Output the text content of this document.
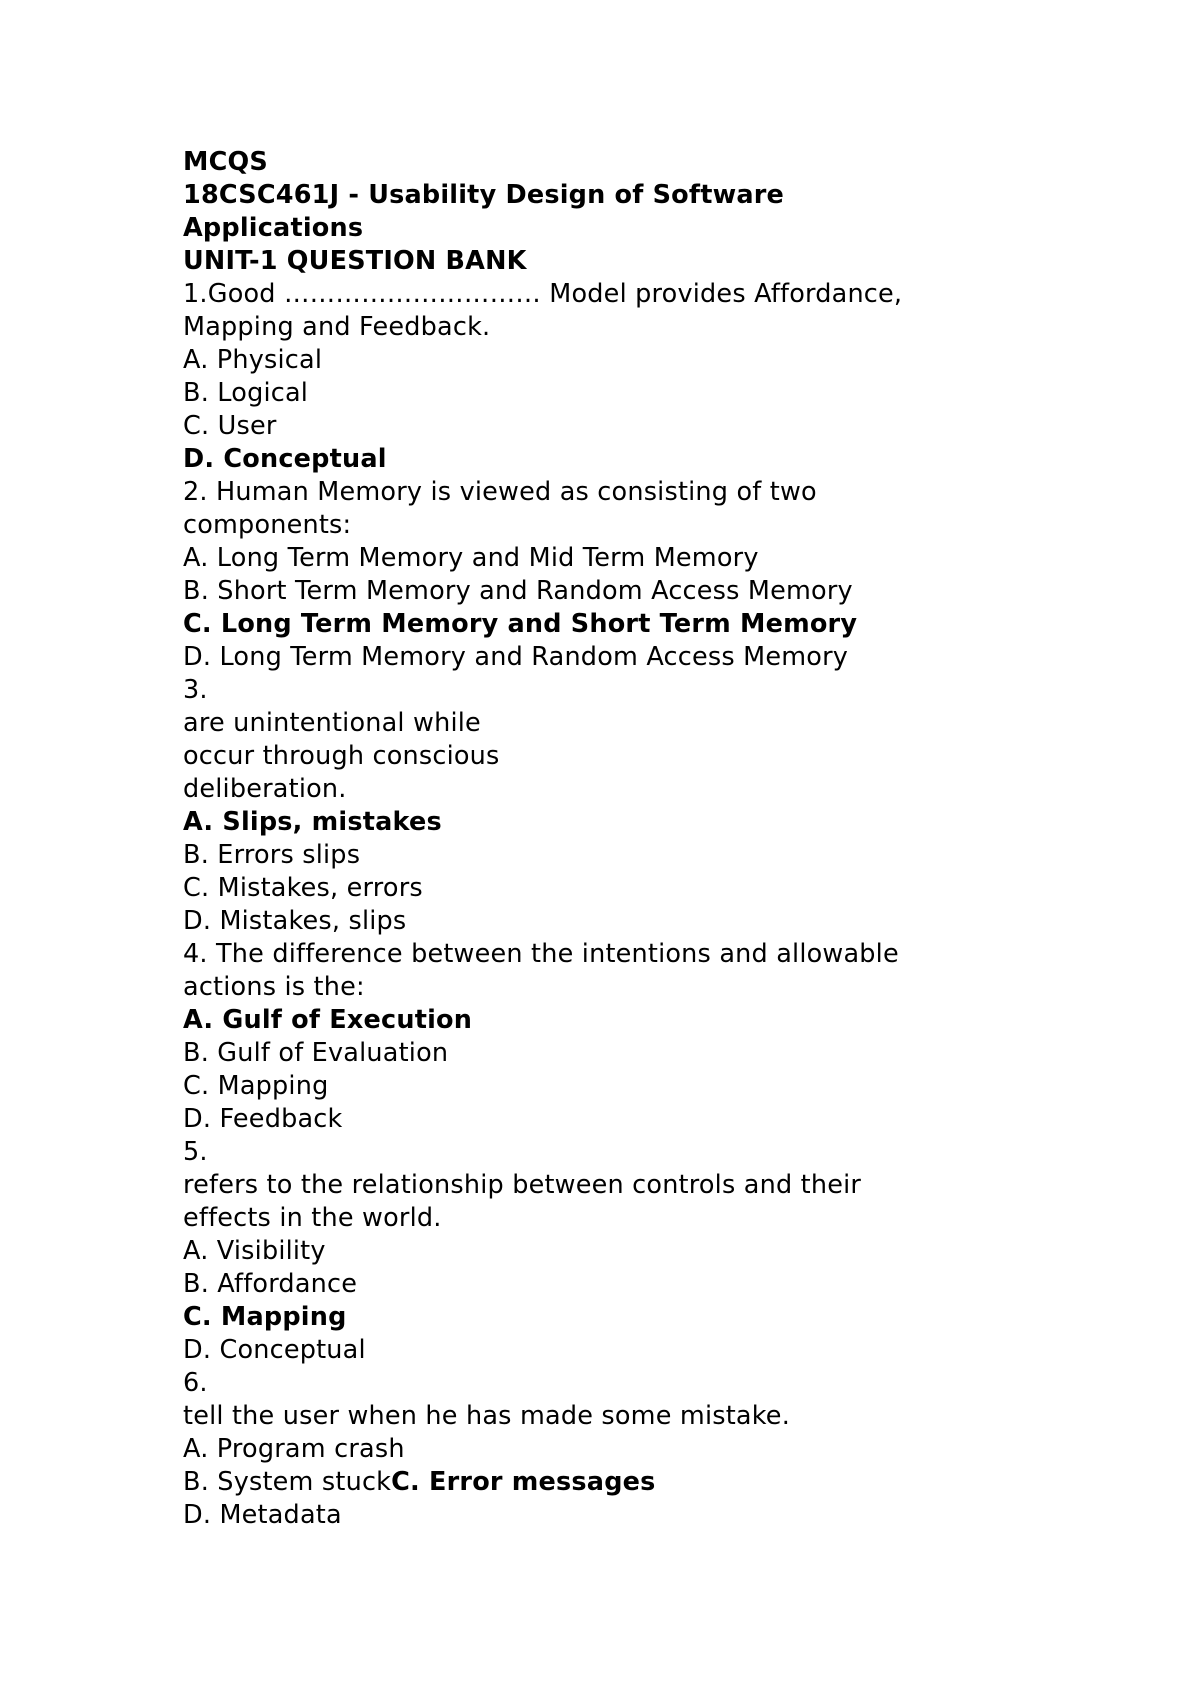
MCQS
18CSC461J - Usability Design of Software
Applications
UNIT-1 QUESTION BANK
1.Good ………………………… Model provides Affordance,
Mapping and Feedback.
A. Physical
B. Logical
C. User
D. Conceptual
2. Human Memory is viewed as consisting of two
components:
A. Long Term Memory and Mid Term Memory
B. Short Term Memory and Random Access Memory
C. Long Term Memory and Short Term Memory
D. Long Term Memory and Random Access Memory
3.
are unintentional while
occur through conscious
deliberation.
A. Slips, mistakes
B. Errors slips
C. Mistakes, errors
D. Mistakes, slips
4. The difference between the intentions and allowable
actions is the:
A. Gulf of Execution
B. Gulf of Evaluation
C. Mapping
D. Feedback
5.
refers to the relationship between controls and their
effects in the world.
A. Visibility
B. Affordance
C. Mapping
D. Conceptual
6.
tell the user when he has made some mistake.
A. Program crash
B. System stuckC. Error messages
D. Metadata
